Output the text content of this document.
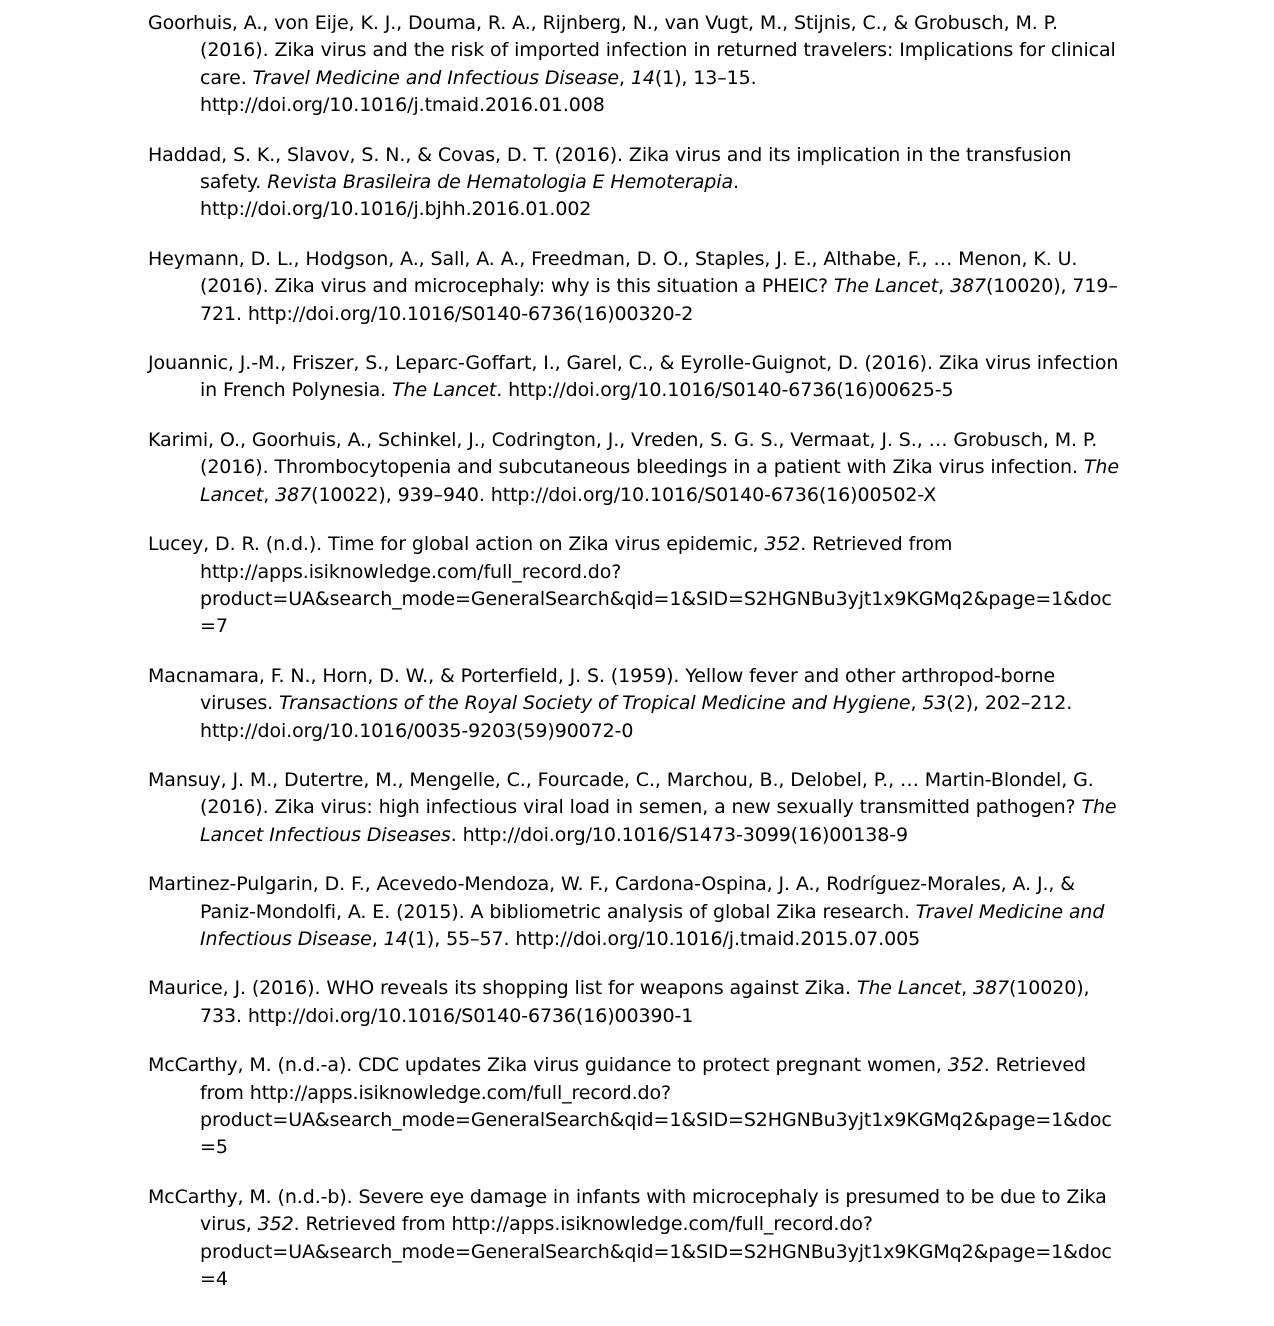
Goorhuis, A., von Eije, K. J., Douma, R. A., Rijnberg, N., van Vugt, M., Stijnis, C., & Grobusch, M. P. (2016). Zika virus and the risk of imported infection in returned travelers: Implications for clinical care. Travel Medicine and Infectious Disease, 14(1), 13–15. http://doi.org/10.1016/j.tmaid.2016.01.008

Haddad, S. K., Slavov, S. N., & Covas, D. T. (2016). Zika virus and its implication in the transfusion safety. Revista Brasileira de Hematologia E Hemoterapia. http://doi.org/10.1016/j.bjhh.2016.01.002

Heymann, D. L., Hodgson, A., Sall, A. A., Freedman, D. O., Staples, J. E., Althabe, F., … Menon, K. U. (2016). Zika virus and microcephaly: why is this situation a PHEIC? The Lancet, 387(10020), 719–721. http://doi.org/10.1016/S0140-6736(16)00320-2

Jouannic, J.-M., Friszer, S., Leparc-Goffart, I., Garel, C., & Eyrolle-Guignot, D. (2016). Zika virus infection in French Polynesia. The Lancet. http://doi.org/10.1016/S0140-6736(16)00625-5

Karimi, O., Goorhuis, A., Schinkel, J., Codrington, J., Vreden, S. G. S., Vermaat, J. S., … Grobusch, M. P. (2016). Thrombocytopenia and subcutaneous bleedings in a patient with Zika virus infection. The Lancet, 387(10022), 939–940. http://doi.org/10.1016/S0140-6736(16)00502-X

Lucey, D. R. (n.d.). Time for global action on Zika virus epidemic, 352. Retrieved from http://apps.isiknowledge.com/full_record.do?product=UA&search_mode=GeneralSearch&qid=1&SID=S2HGNBu3yjt1x9KGMq2&page=1&doc=7

Macnamara, F. N., Horn, D. W., & Porterfield, J. S. (1959). Yellow fever and other arthropod-borne viruses. Transactions of the Royal Society of Tropical Medicine and Hygiene, 53(2), 202–212. http://doi.org/10.1016/0035-9203(59)90072-0

Mansuy, J. M., Dutertre, M., Mengelle, C., Fourcade, C., Marchou, B., Delobel, P., … Martin-Blondel, G. (2016). Zika virus: high infectious viral load in semen, a new sexually transmitted pathogen? The Lancet Infectious Diseases. http://doi.org/10.1016/S1473-3099(16)00138-9

Martinez-Pulgarin, D. F., Acevedo-Mendoza, W. F., Cardona-Ospina, J. A., Rodríguez-Morales, A. J., & Paniz-Mondolfi, A. E. (2015). A bibliometric analysis of global Zika research. Travel Medicine and Infectious Disease, 14(1), 55–57. http://doi.org/10.1016/j.tmaid.2015.07.005

Maurice, J. (2016). WHO reveals its shopping list for weapons against Zika. The Lancet, 387(10020), 733. http://doi.org/10.1016/S0140-6736(16)00390-1

McCarthy, M. (n.d.-a). CDC updates Zika virus guidance to protect pregnant women, 352. Retrieved from http://apps.isiknowledge.com/full_record.do?product=UA&search_mode=GeneralSearch&qid=1&SID=S2HGNBu3yjt1x9KGMq2&page=1&doc=5

McCarthy, M. (n.d.-b). Severe eye damage in infants with microcephaly is presumed to be due to Zika virus, 352. Retrieved from http://apps.isiknowledge.com/full_record.do?product=UA&search_mode=GeneralSearch&qid=1&SID=S2HGNBu3yjt1x9KGMq2&page=1&doc=4
